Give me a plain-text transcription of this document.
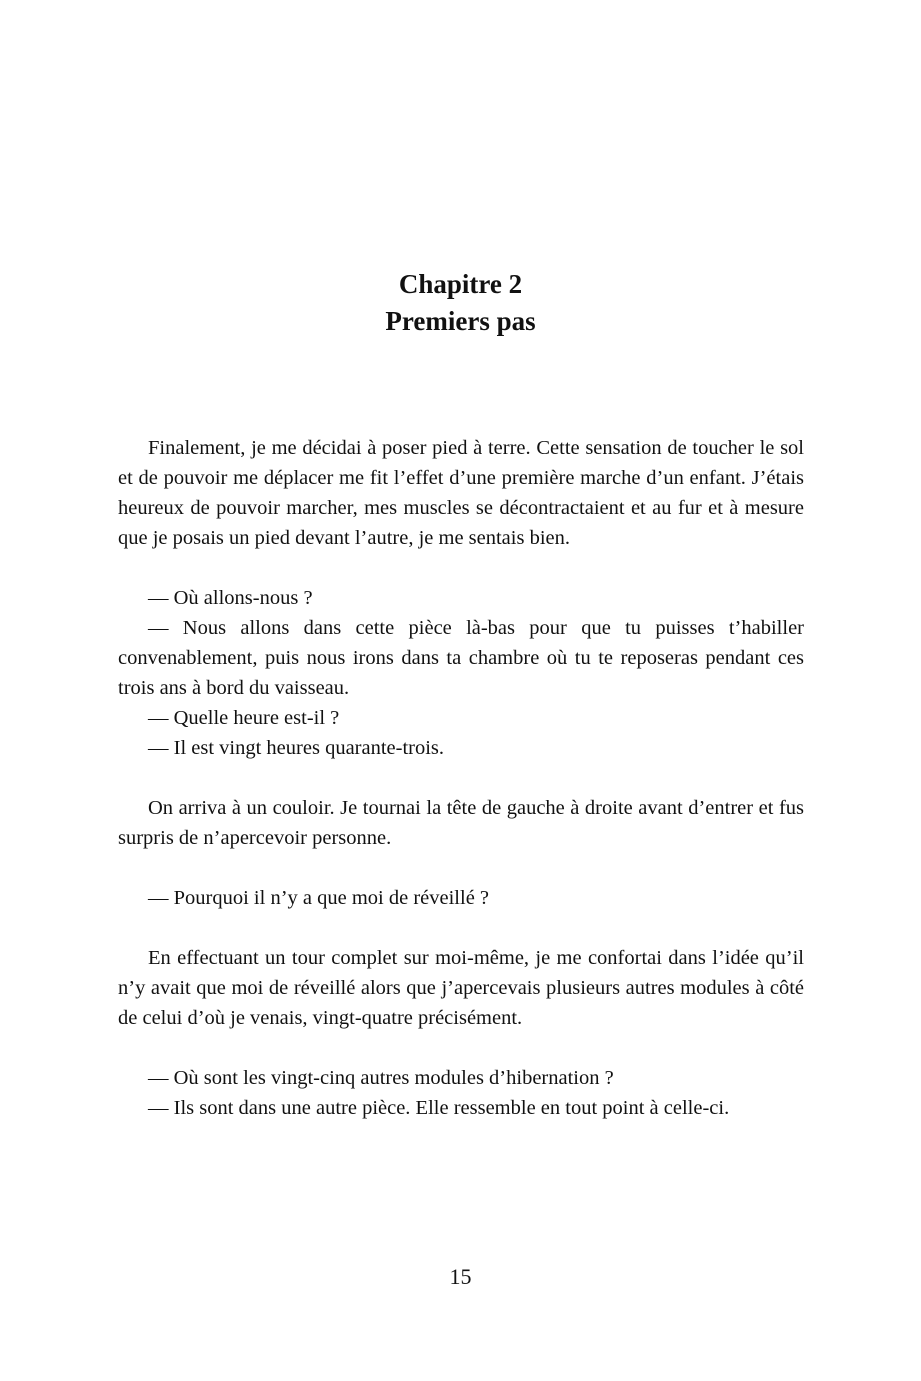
Chapitre 2
Premiers pas

Finalement, je me décidai à poser pied à terre. Cette sensation de toucher le sol et de pouvoir me déplacer me fit l’effet d’une première marche d’un enfant. J’étais heureux de pouvoir marcher, mes muscles se décontractaient et au fur et à mesure que je posais un pied devant l’autre, je me sentais bien.

— Où allons-nous ?

— Nous allons dans cette pièce là-bas pour que tu puisses t’habiller convenablement, puis nous irons dans ta chambre où tu te reposeras pendant ces trois ans à bord du vaisseau.

— Quelle heure est-il ?

— Il est vingt heures quarante-trois.

On arriva à un couloir. Je tournai la tête de gauche à droite avant d’entrer et fus surpris de n’apercevoir personne.

— Pourquoi il n’y a que moi de réveillé ?

En effectuant un tour complet sur moi-même, je me confortai dans l’idée qu’il n’y avait que moi de réveillé alors que j’apercevais plusieurs autres modules à côté de celui d’où je venais, vingt-quatre précisément.

— Où sont les vingt-cinq autres modules d’hibernation ?

— Ils sont dans une autre pièce. Elle ressemble en tout point à celle-ci.

15
